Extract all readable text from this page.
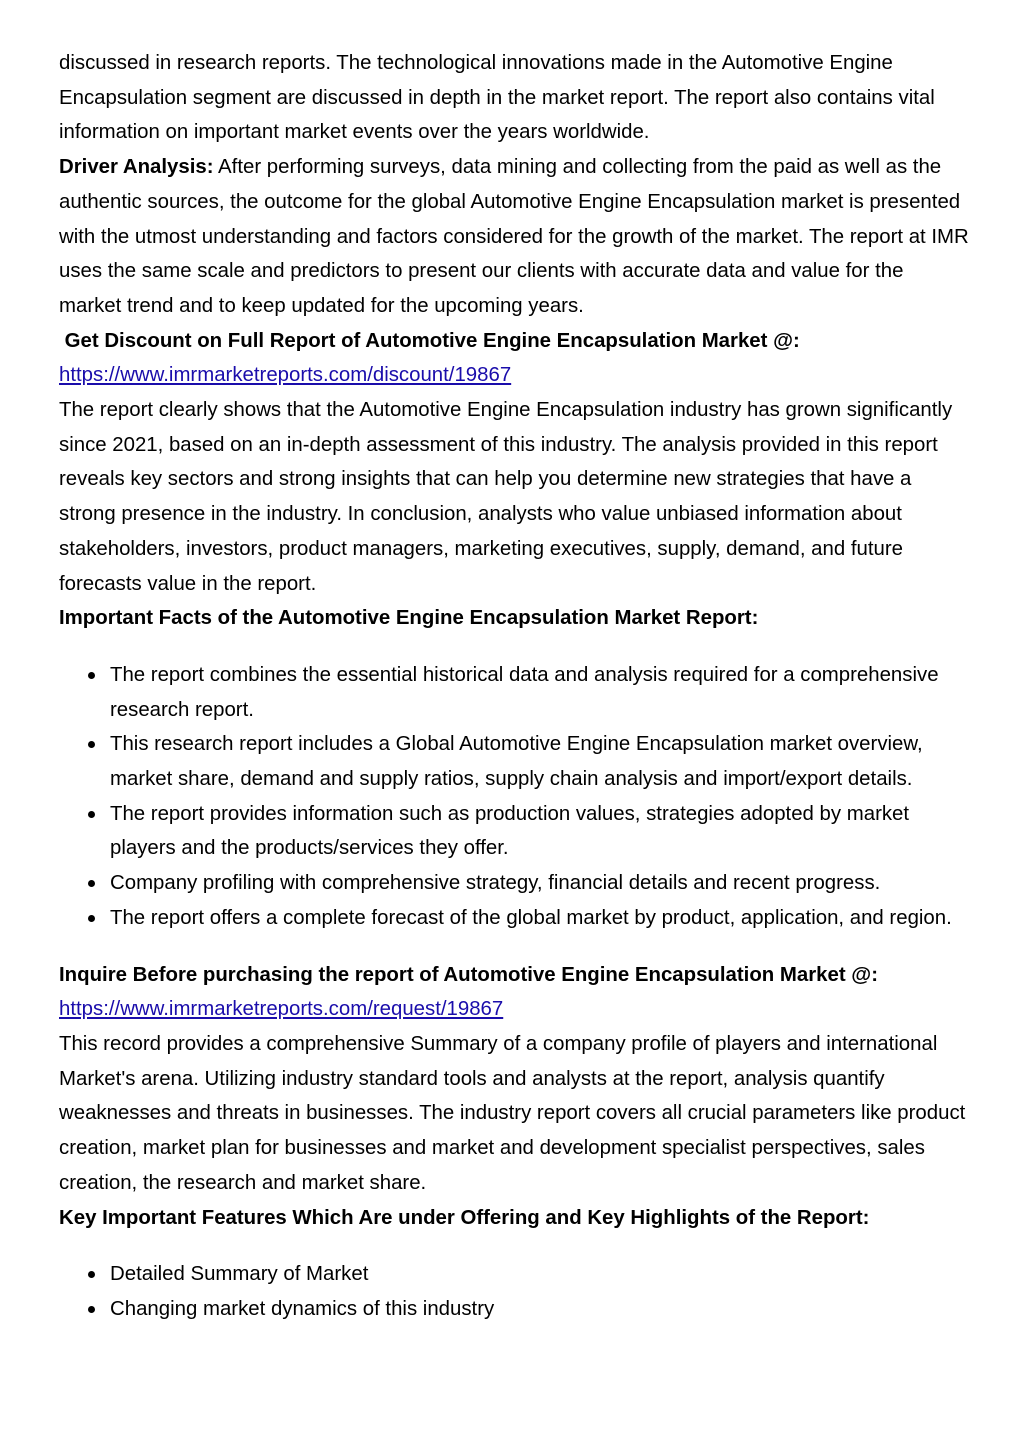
discussed in research reports. The technological innovations made in the Automotive Engine Encapsulation segment are discussed in depth in the market report. The report also contains vital information on important market events over the years worldwide.

Driver Analysis: After performing surveys, data mining and collecting from the paid as well as the authentic sources, the outcome for the global Automotive Engine Encapsulation market is presented with the utmost understanding and factors considered for the growth of the market. The report at IMR uses the same scale and predictors to present our clients with accurate data and value for the market trend and to keep updated for the upcoming years.

Get Discount on Full Report of Automotive Engine Encapsulation Market @:

https://www.imrmarketreports.com/discount/19867

The report clearly shows that the Automotive Engine Encapsulation industry has grown significantly since 2021, based on an in-depth assessment of this industry. The analysis provided in this report reveals key sectors and strong insights that can help you determine new strategies that have a strong presence in the industry. In conclusion, analysts who value unbiased information about stakeholders, investors, product managers, marketing executives, supply, demand, and future forecasts value in the report.

Important Facts of the Automotive Engine Encapsulation Market Report:

The report combines the essential historical data and analysis required for a comprehensive research report.
This research report includes a Global Automotive Engine Encapsulation market overview, market share, demand and supply ratios, supply chain analysis and import/export details.
The report provides information such as production values, strategies adopted by market players and the products/services they offer.
Company profiling with comprehensive strategy, financial details and recent progress.
The report offers a complete forecast of the global market by product, application, and region.

Inquire Before purchasing the report of Automotive Engine Encapsulation Market @:

https://www.imrmarketreports.com/request/19867

This record provides a comprehensive Summary of a company profile of players and international Market's arena. Utilizing industry standard tools and analysts at the report, analysis quantify weaknesses and threats in businesses. The industry report covers all crucial parameters like product creation, market plan for businesses and market and development specialist perspectives, sales creation, the research and market share.

Key Important Features Which Are under Offering and Key Highlights of the Report:

Detailed Summary of Market
Changing market dynamics of this industry
